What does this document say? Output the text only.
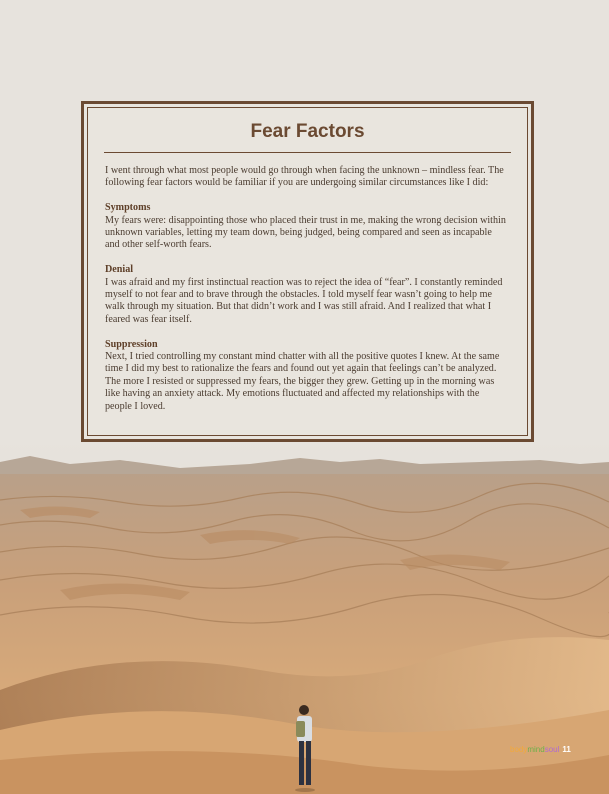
Fear Factors

I went through what most people would go through when facing the unknown – mindless fear. The following fear factors would be familiar if you are undergoing similar circumstances like I did:

Symptoms
My fears were: disappointing those who placed their trust in me, making the wrong decision within unknown variables, letting my team down, being judged, being compared and seen as incapable and other self-worth fears.

Denial
I was afraid and my first instinctual reaction was to reject the idea of “fear”. I constantly reminded myself to not fear and to brave through the obstacles. I told myself fear wasn’t going to help me walk through my situation. But that didn’t work and I was still afraid. And I realized that what I feared was fear itself.

Suppression
Next, I tried controlling my constant mind chatter with all the positive quotes I knew. At the same time I did my best to rationalize the fears and found out yet again that feelings can’t be analyzed. The more I resisted or suppressed my fears, the bigger they grew. Getting up in the morning was like having an anxiety attack. My emotions fluctuated and affected my relationships with the people I loved.

bodymindsoul 11
